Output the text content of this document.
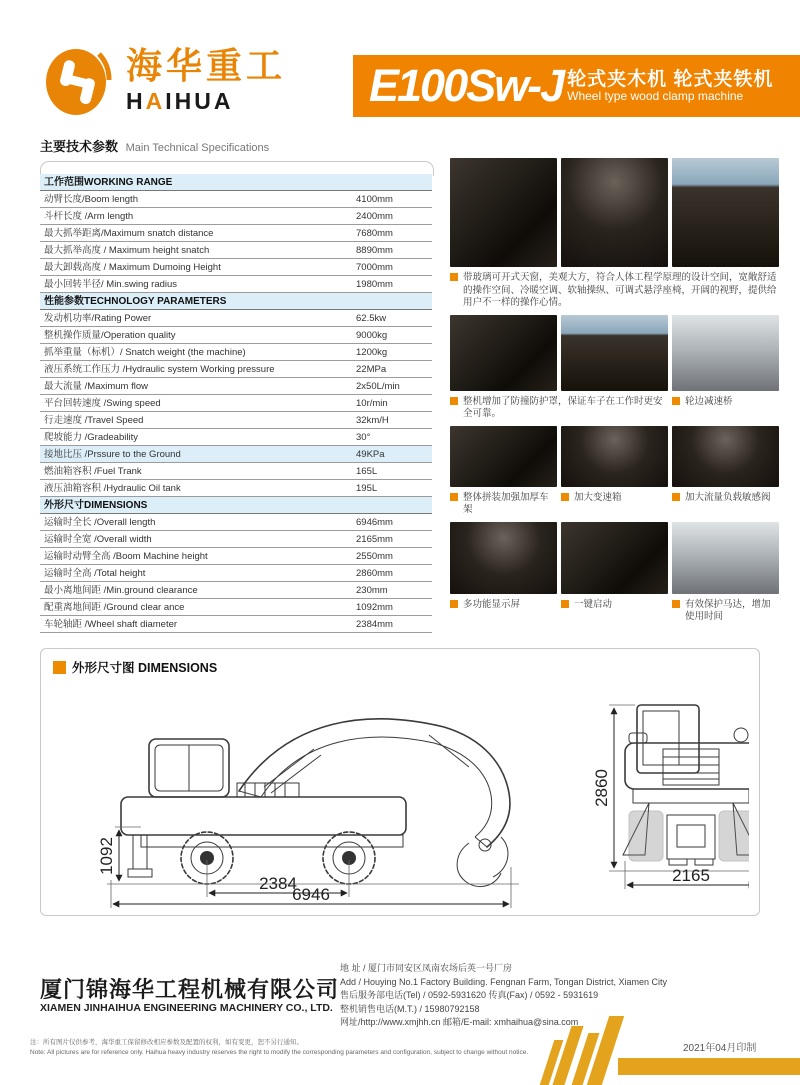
海华重工
HAIHUA	E100Sw-J 轮式夹木机 轮式夹铁机
Wheel type wood clamp machine
主要技术参数 Main Technical Specifications
工作范围WORKING RANGE
动臂长度/Boom length	4100mm
斗杆长度 /Arm length	2400mm
最大抓举距离/Maximum snatch distance	7680mm
最大抓举高度 / Maximum height snatch	8890mm
最大卸载高度 / Maximum Dumoing Height	7000mm
最小回转半径/ Min.swing radius	1980mm
性能参数TECHNOLOGY PARAMETERS
发动机功率/Rating Power	62.5kw
整机操作质量/Operation quality	9000kg
抓举重量（标机）/ Snatch weight (the machine)	1200kg
液压系统工作压力 /Hydraulic system Working pressure	22MPa
最大流量 /Maximum flow	2x50L/min
平台回转速度 /Swing speed	10r/min
行走速度 /Travel Speed	32km/H
爬坡能力 /Gradeability	30°
接地比压 /Prssure to the Ground	49KPa
燃油箱容积 /Fuel Trank	165L
液压油箱容积 /Hydraulic Oil tank	195L
外形尺寸DIMENSIONS
运输时全长 /Overall length	6946mm
运输时全宽 /Overall width	2165mm
运输时动臂全高 /Boom Machine height	2550mm
运输时全高 /Total height	2860mm
最小离地间距 /Min.ground clearance	230mm
配重离地间距 /Ground clear ance	1092mm
车轮轴距 /Wheel shaft diameter	2384mm
带玻璃可开式天窗，美观大方，符合人体工程学原理的设计空间，宽敞舒适的操作空间、冷暖空调、软轴操纵、可调式悬浮座椅，开阔的视野，提供给用户不一样的操作心情。
整机增加了防撞防护罩，保证车子在工作时更安全可靠。
轮边减速桥
整体拼装加强加厚车架
加大变速箱	加大流量负载敏感阀
多功能显示屏	一键启动	有效保护马达，增加使用时间
外形尺寸图 DIMENSIONS
1092
2384
6946
2860
2165
厦门锦海华工程机械有限公司
XIAMEN JINHAIHUA ENGINEERING MACHINERY CO., LTD.
地 址 / 厦门市同安区凤南农场后英一号厂房
Add / Houying No.1 Factory Building. Fengnan Farm, Tongan District, Xiamen City
售后服务部电话(Tel) / 0592-5931620 传真(Fax) / 0592 - 5931619
整机销售电话(M.T.) / 15980792158
网址/http://www.xmjhh.cn 邮箱/E-mail: xmhaihua@sina.com
注：所有图片仅供参考，海华重工保留修改相应参数及配置的权利，如有变更，恕不另行通知。
Note: All pictures are for reference only. Haihua heavy industry reserves the right to modify the corresponding parameters and configuration, subject to change without notice.	2021年04月印制
